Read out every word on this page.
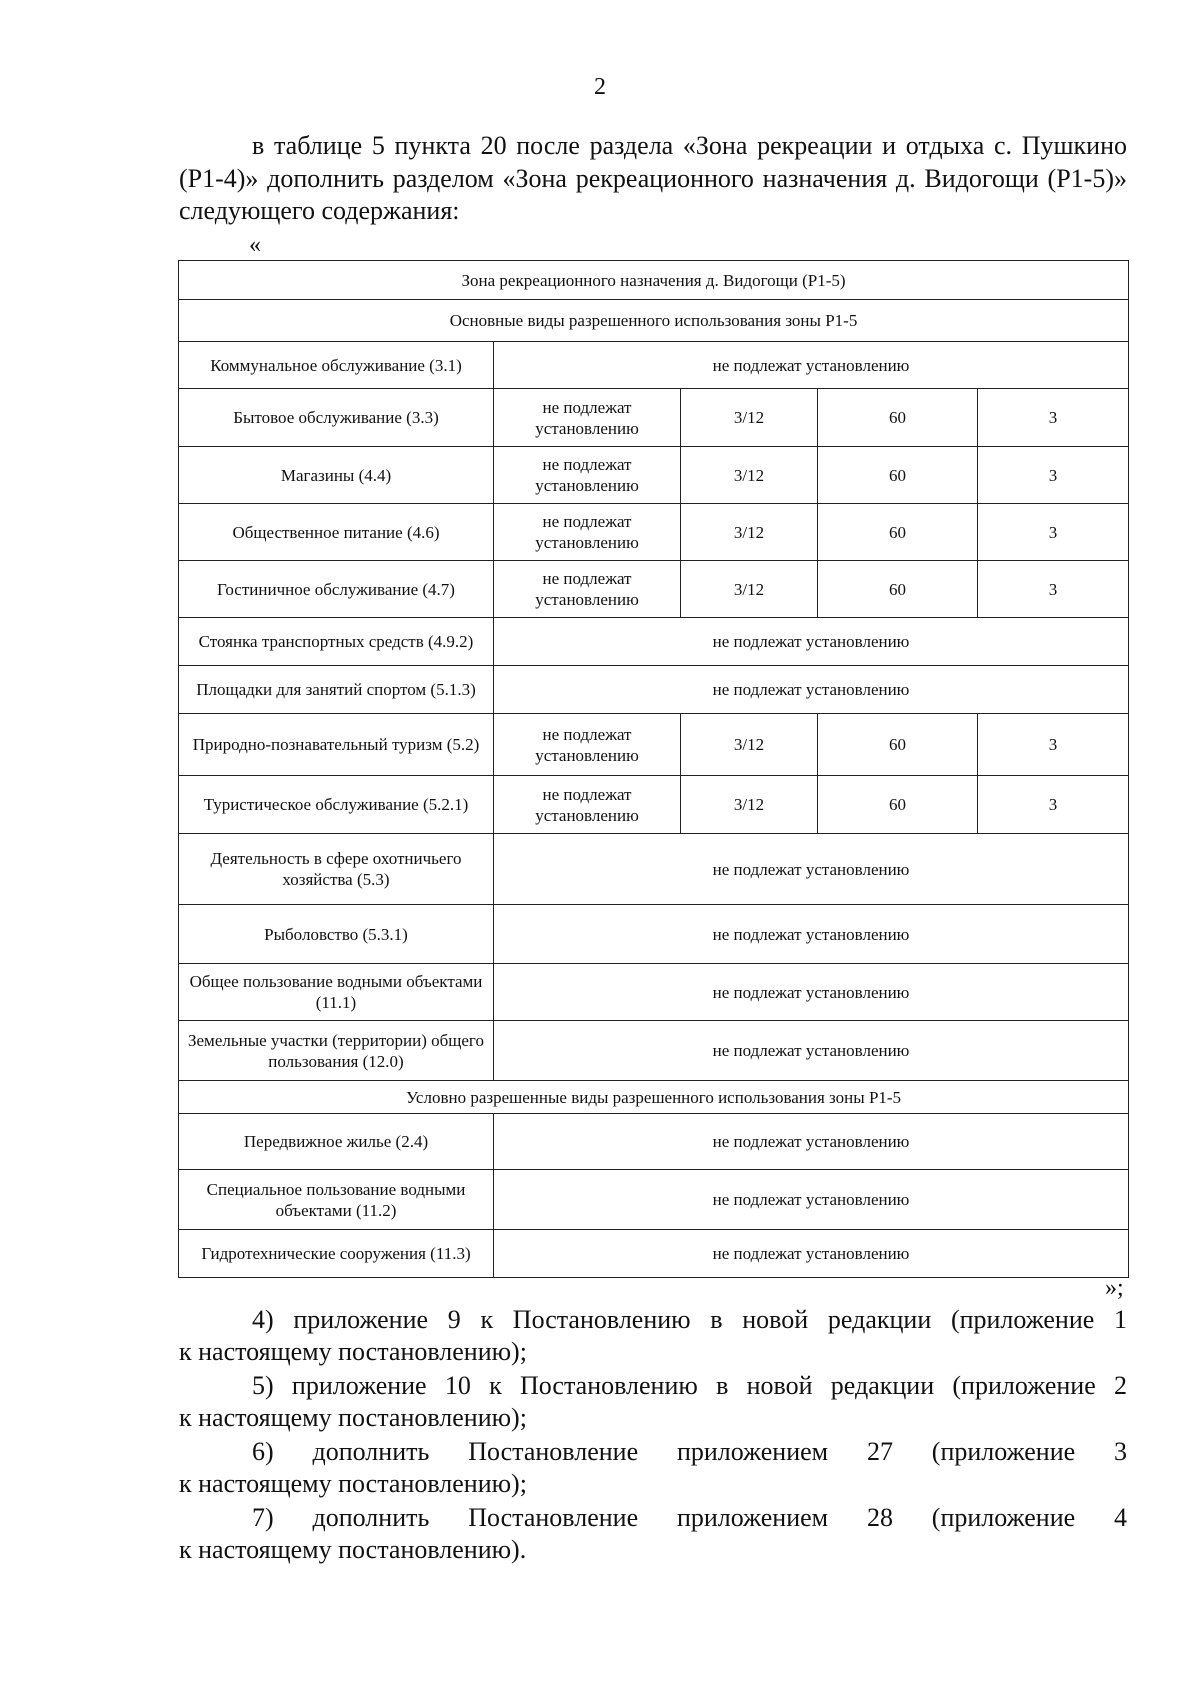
2

в таблице 5 пункта 20 после раздела «Зона рекреации и отдыха с. Пушкино (Р1-4)» дополнить разделом «Зона рекреационного назначения д. Видогощи (Р1-5)» следующего содержания:

«
Зона рекреационного назначения д. Видогощи (Р1-5)				
Основные виды разрешенного использования зоны Р1-5				
Коммунальное обслуживание (3.1)	не подлежат установлению			
Бытовое обслуживание (3.3)	не подлежат установлению	3/12	60	3
Магазины (4.4)	не подлежат установлению	3/12	60	3
Общественное питание (4.6)	не подлежат установлению	3/12	60	3
Гостиничное обслуживание (4.7)	не подлежат установлению	3/12	60	3
Стоянка транспортных средств (4.9.2)	не подлежат установлению			
Площадки для занятий спортом (5.1.3)	не подлежат установлению			
Природно-познавательный туризм (5.2)	не подлежат установлению	3/12	60	3
Туристическое обслуживание (5.2.1)	не подлежат установлению	3/12	60	3
Деятельность в сфере охотничьего хозяйства (5.3)	не подлежат установлению			
Рыболовство (5.3.1)	не подлежат установлению			
Общее пользование водными объектами (11.1)	не подлежат установлению			
Земельные участки (территории) общего пользования (12.0)	не подлежат установлению			
Условно разрешенные виды разрешенного использования зоны Р1-5				
Передвижное жилье (2.4)	не подлежат установлению			
Специальное пользование водными объектами (11.2)	не подлежат установлению			
Гидротехнические сооружения (11.3)	не подлежат установлению			
»;

4) приложение 9 к Постановлению в новой редакции (приложение 1
к настоящему постановлению);

5) приложение 10 к Постановлению в новой редакции (приложение 2
к настоящему постановлению);

6) дополнить Постановление приложением 27 (приложение 3
к настоящему постановлению);

7) дополнить Постановление приложением 28 (приложение 4
к настоящему постановлению).
